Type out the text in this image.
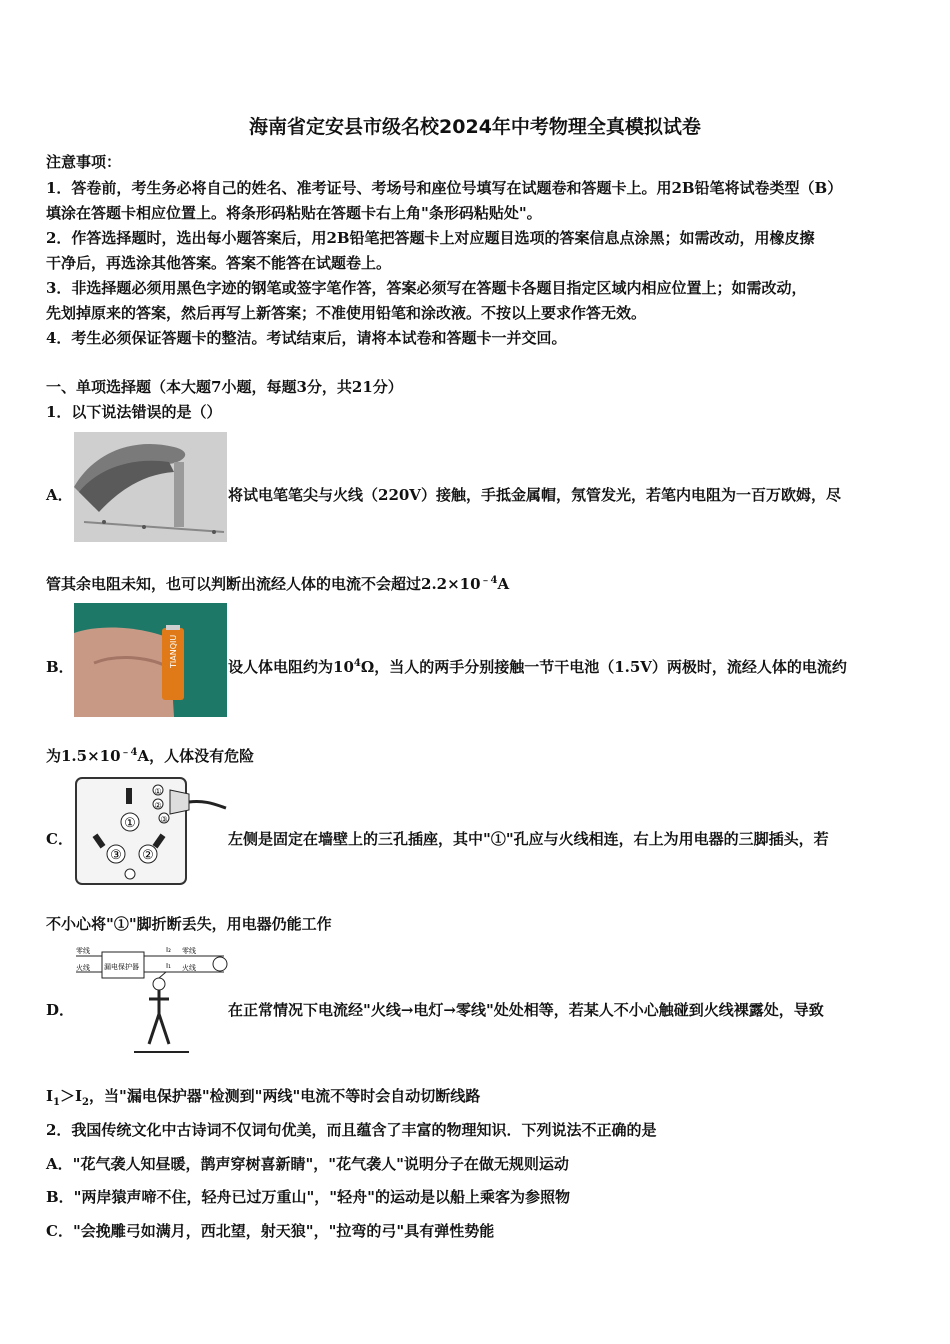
海南省定安县市级名校2024年中考物理全真模拟试卷
注意事项：
1．答卷前，考生务必将自己的姓名、准考证号、考场号和座位号填写在试题卷和答题卡上。用2B铅笔将试卷类型（B）
填涂在答题卡相应位置上。将条形码粘贴在答题卡右上角"条形码粘贴处"。
2．作答选择题时，选出每小题答案后，用2B铅笔把答题卡上对应题目选项的答案信息点涂黑；如需改动，用橡皮擦
干净后，再选涂其他答案。答案不能答在试题卷上。
3．非选择题必须用黑色字迹的钢笔或签字笔作答，答案必须写在答题卡各题目指定区域内相应位置上；如需改动，
先划掉原来的答案，然后再写上新答案；不准使用铅笔和涂改液。不按以上要求作答无效。
4．考生必须保证答题卡的整洁。考试结束后，请将本试卷和答题卡一并交回。
一、单项选择题（本大题7小题，每题3分，共21分）
1．以下说法错误的是（）
A．	将试电笔笔尖与火线（220V）接触，手抵金属帽，氖管发光，若笔内电阻为一百万欧姆，尽
管其余电阻未知，也可以判断出流经人体的电流不会超过$2.2\times 10^{﹣4}A$
B．	TIANQIU	设人体电阻约为$10^4\Omega$，当人的两手分别接触一节干电池（1.5V）两极时，流经人体的电流约
为$1.5\times 10^{﹣4}A$，人体没有危险
C．
①
③ ②
①
②
③
左侧是固定在墙壁上的三孔插座，其中"①"孔应与火线相连，右上为用电器的三脚插头，若
不小心将"①"脚折断丢失，用电器仍能工作
D．
零线
火线 漏电保护器
I₂
I₁
零线
火线
在正常情况下电流经"火线→电灯→零线"处处相等，若某人不小心触碰到火线裸露处，导致
$I_1>I_2$，当"漏电保护器"检测到"两线"电流不等时会自动切断线路
2．我国传统文化中古诗词不仅词句优美，而且蕴含了丰富的物理知识．下列说法不正确的是
A．"花气袭人知昼暖，鹊声穿树喜新睛"，"花气袭人"说明分子在做无规则运动
B．"两岸猿声啼不住，轻舟已过万重山"，"轻舟"的运动是以船上乘客为参照物
C．"会挽雕弓如满月，西北望，射天狼"，"拉弯的弓"具有弹性势能
